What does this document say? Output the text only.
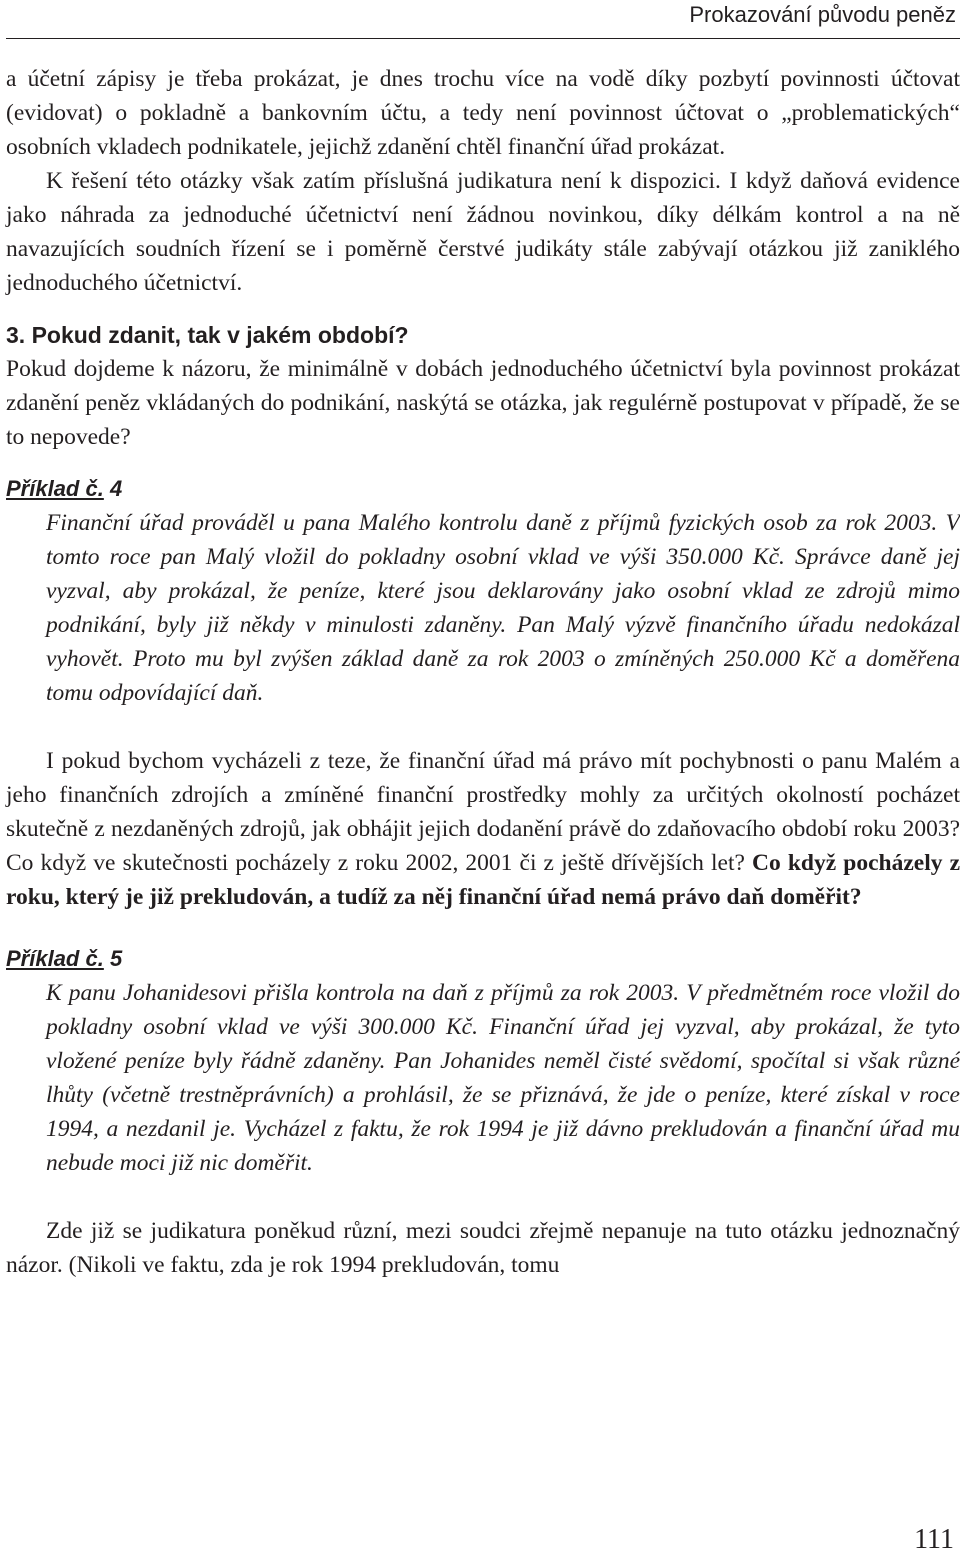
Prokazování původu peněz

a účetní zápisy je třeba prokázat, je dnes trochu více na vodě díky pozbytí povinnosti účtovat (evidovat) o pokladně a bankovním účtu, a tedy není povinnost účtovat o „problematických“ osobních vkladech podnikatele, jejichž zdanění chtěl finanční úřad prokázat.

K řešení této otázky však zatím příslušná judikatura není k dispozici. I když daňová evidence jako náhrada za jednoduché účetnictví není žádnou novinkou, díky délkám kontrol a na ně navazujících soudních řízení se i poměrně čerstvé judikáty stále zabývají otázkou již zaniklého jednoduchého účetnictví.

3. Pokud zdanit, tak v jakém období?

Pokud dojdeme k názoru, že minimálně v dobách jednoduchého účetnictví byla povinnost prokázat zdanění peněz vkládaných do podnikání, naskýtá se otázka, jak regulérně postupovat v případě, že se to nepovede?

Příklad č. 4

Finanční úřad prováděl u pana Malého kontrolu daně z příjmů fyzických osob za rok 2003. V tomto roce pan Malý vložil do pokladny osobní vklad ve výši 350.000 Kč. Správce daně jej vyzval, aby prokázal, že peníze, které jsou deklarovány jako osobní vklad ze zdrojů mimo podnikání, byly již někdy v minulosti zdaněny. Pan Malý výzvě finančního úřadu nedokázal vyhovět. Proto mu byl zvýšen základ daně za rok 2003 o zmíněných 250.000 Kč a doměřena tomu odpovídající daň.

I pokud bychom vycházeli z teze, že finanční úřad má právo mít pochybnosti o panu Malém a jeho finančních zdrojích a zmíněné finanční prostředky mohly za určitých okolností pocházet skutečně z nezdaněných zdrojů, jak obhájit jejich dodanění právě do zdaňovacího období roku 2003? Co když ve skutečnosti pocházely z roku 2002, 2001 či z ještě dřívějších let? Co když pocházely z roku, který je již prekludován, a tudíž za něj finanční úřad nemá právo daň doměřit?

Příklad č. 5

K panu Johanidesovi přišla kontrola na daň z příjmů za rok 2003. V předmětném roce vložil do pokladny osobní vklad ve výši 300.000 Kč. Finanční úřad jej vyzval, aby prokázal, že tyto vložené peníze byly řádně zdaněny. Pan Johanides neměl čisté svědomí, spočítal si však různé lhůty (včetně trestněprávních) a prohlásil, že se přiznává, že jde o peníze, které získal v roce 1994, a nezdanil je. Vycházel z faktu, že rok 1994 je již dávno prekludován a finanční úřad mu nebude moci již nic doměřit.

Zde již se judikatura poněkud různí, mezi soudci zřejmě nepanuje na tuto otázku jednoznačný názor. (Nikoli ve faktu, zda je rok 1994 prekludován, tomu

111
